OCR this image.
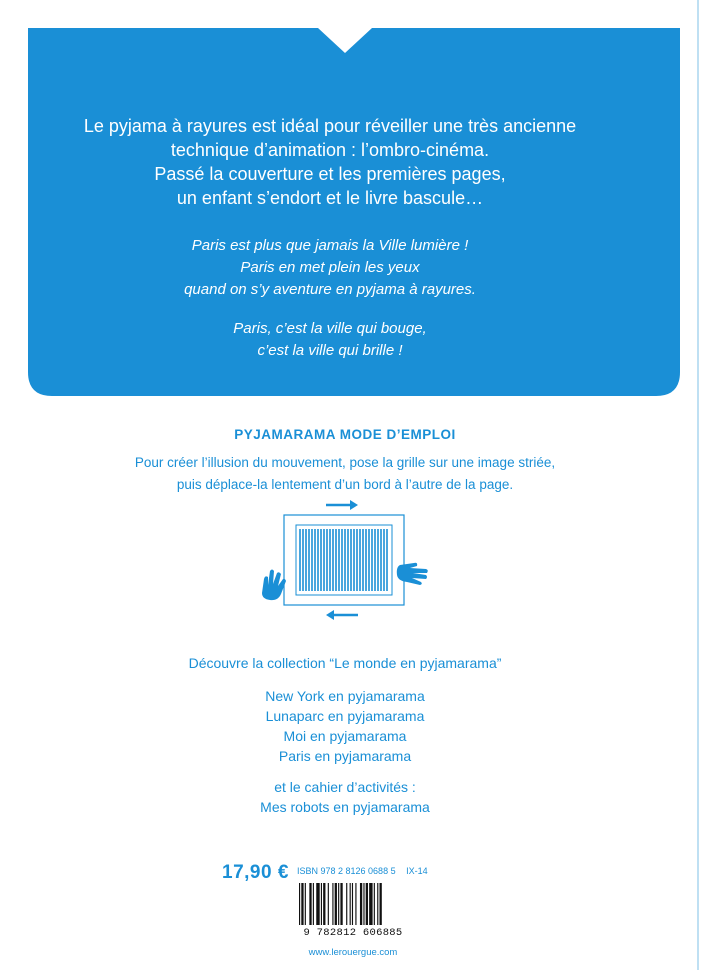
Le pyjama à rayures est idéal pour réveiller une très ancienne
technique d’animation : l’ombro-cinéma.
Passé la couverture et les premières pages,
un enfant s’endort et le livre bascule…
Paris est plus que jamais la Ville lumière !
Paris en met plein les yeux
quand on s’y aventure en pyjama à rayures.
Paris, c’est la ville qui bouge,
c’est la ville qui brille !
PYJAMARAMA MODE D’EMPLOI
Pour créer l’illusion du mouvement, pose la grille sur une image striée,
puis déplace-la lentement d’un bord à l’autre de la page.
Découvre la collection “Le monde en pyjamarama”
New York en pyjamarama
Lunaparc en pyjamarama
Moi en pyjamarama
Paris en pyjamarama
et le cahier d’activités :
Mes robots en pyjamarama
17,90 € ISBN 978 2 8126 0688 5 IX-14
9 782812 606885
www.lerouergue.com
